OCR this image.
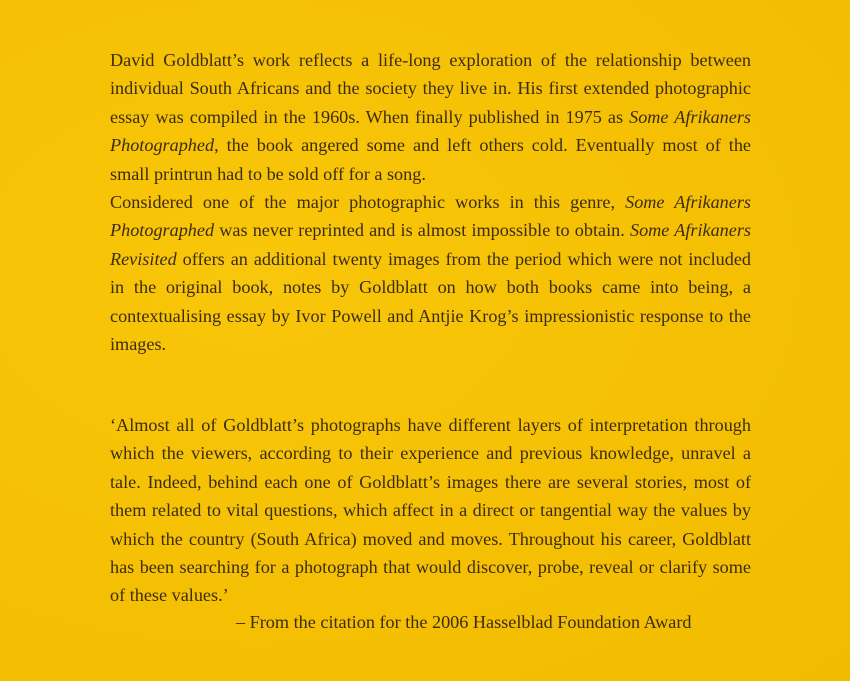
David Goldblatt’s work reflects a life-long exploration of the relationship between individual South Africans and the society they live in. His first extended photographic essay was compiled in the 1960s. When finally published in 1975 as Some Afrikaners Photographed, the book angered some and left others cold. Eventually most of the small printrun had to be sold off for a song.

Considered one of the major photographic works in this genre, Some Afrikaners Photographed was never reprinted and is almost impossible to obtain. Some Afrikaners Revisited offers an additional twenty images from the period which were not included in the original book, notes by Goldblatt on how both books came into being, a contextualising essay by Ivor Powell and Antjie Krog’s impressionistic response to the images.

‘Almost all of Goldblatt’s photographs have different layers of interpretation through which the viewers, according to their experience and previous knowledge, unravel a tale. Indeed, behind each one of Goldblatt’s images there are several stories, most of them related to vital questions, which affect in a direct or tangential way the values by which the country (South Africa) moved and moves. Throughout his career, Goldblatt has been searching for a photograph that would discover, probe, reveal or clarify some of these values.’

– From the citation for the 2006 Hasselblad Foundation Award
